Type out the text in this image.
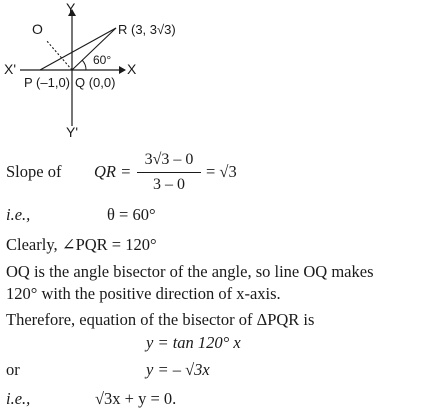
O
Y
Y'
X
X'
R (3, 3√3)
P (–1,0) Q (0,0)
60°
Slope of QR =
3√3 – 0
3 – 0
= √3
i.e.,	θ = 60°
Clearly, ∠PQR = 120°
OQ is the angle bisector of the angle, so line OQ makes
120° with the positive direction of x-axis.
Therefore, equation of the bisector of ΔPQR is
y = tan 120° x
or	y = – √3x
i.e.,	√3x + y = 0.
